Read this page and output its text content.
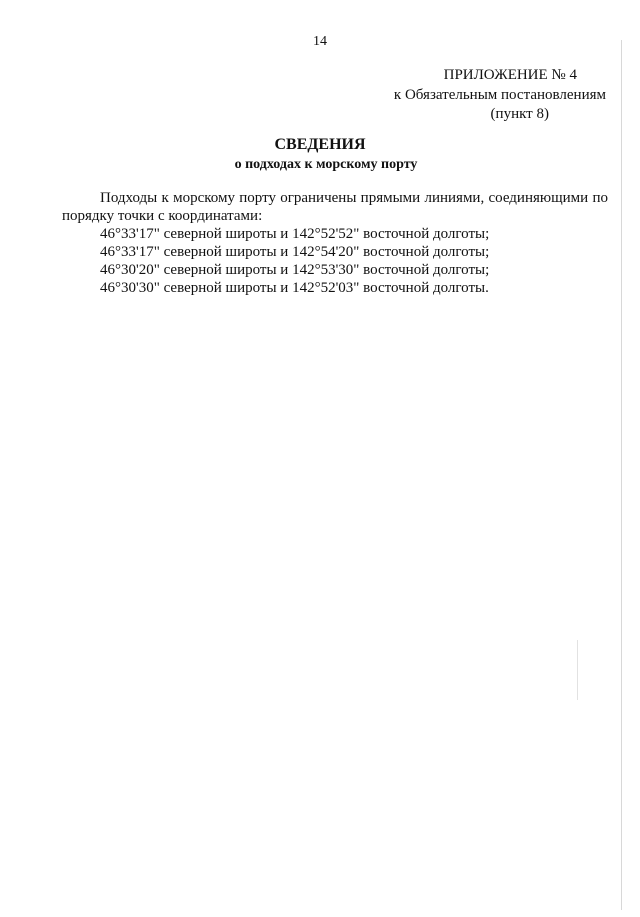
14
ПРИЛОЖЕНИЕ № 4
к Обязательным постановлениям
(пункт 8)
СВЕДЕНИЯ
о подходах к морскому порту

Подходы к морскому порту ограничены прямыми линиями, соединяющими по порядку точки с координатами:

46°33'17" северной широты и 142°52'52" восточной долготы;
46°33'17" северной широты и 142°54'20" восточной долготы;
46°30'20" северной широты и 142°53'30" восточной долготы;
46°30'30" северной широты и 142°52'03" восточной долготы.
